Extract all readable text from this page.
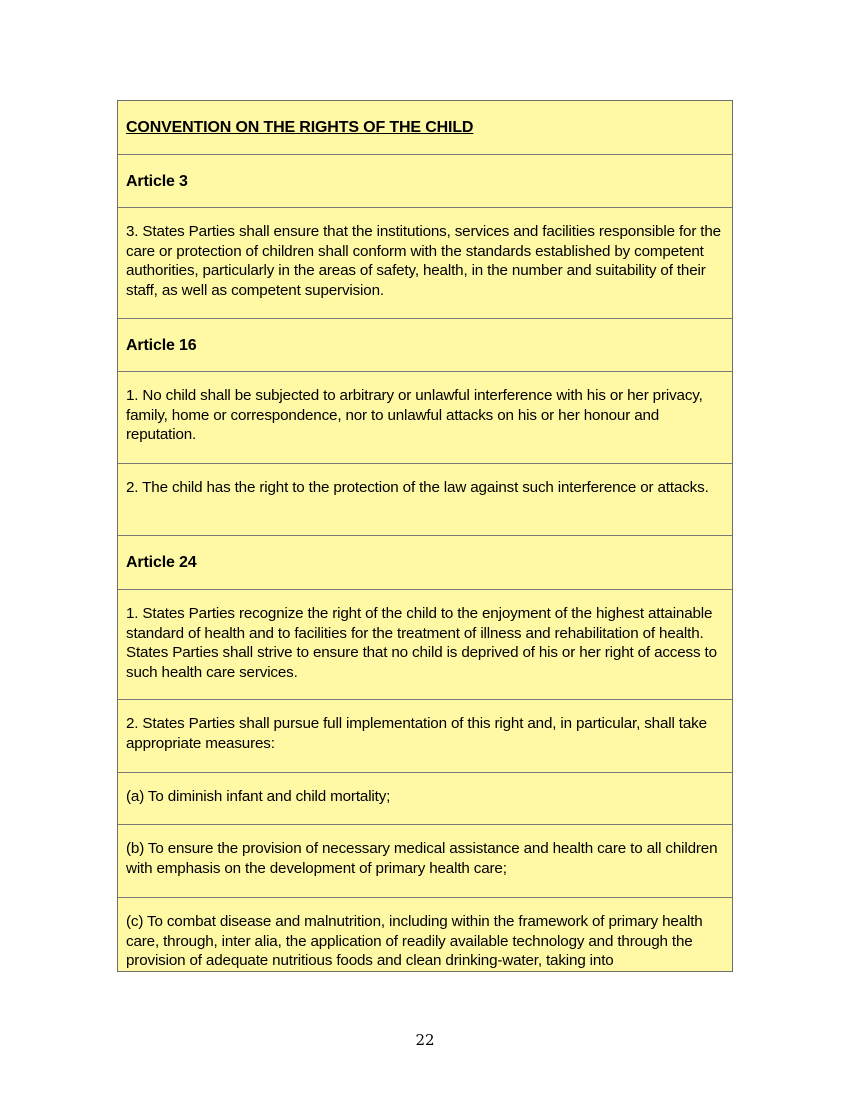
CONVENTION ON THE RIGHTS OF THE CHILD
Article 3
3. States Parties shall ensure that the institutions, services and facilities responsible for the care or protection of children shall conform with the standards established by competent authorities, particularly in the areas of safety, health, in the number and suitability of their staff, as well as competent supervision.
Article 16
1. No child shall be subjected to arbitrary or unlawful interference with his or her privacy, family, home or correspondence, nor to unlawful attacks on his or her honour and reputation.
2. The child has the right to the protection of the law against such interference or attacks.
Article 24
1. States Parties recognize the right of the child to the enjoyment of the highest attainable standard of health and to facilities for the treatment of illness and rehabilitation of health. States Parties shall strive to ensure that no child is deprived of his or her right of access to such health care services.
2. States Parties shall pursue full implementation of this right and, in particular, shall take appropriate measures:
(a) To diminish infant and child mortality;
(b) To ensure the provision of necessary medical assistance and health care to all children with emphasis on the development of primary health care;
(c) To combat disease and malnutrition, including within the framework of primary health care, through, inter alia, the application of readily available technology and through the provision of adequate nutritious foods and clean drinking-water, taking into
22
